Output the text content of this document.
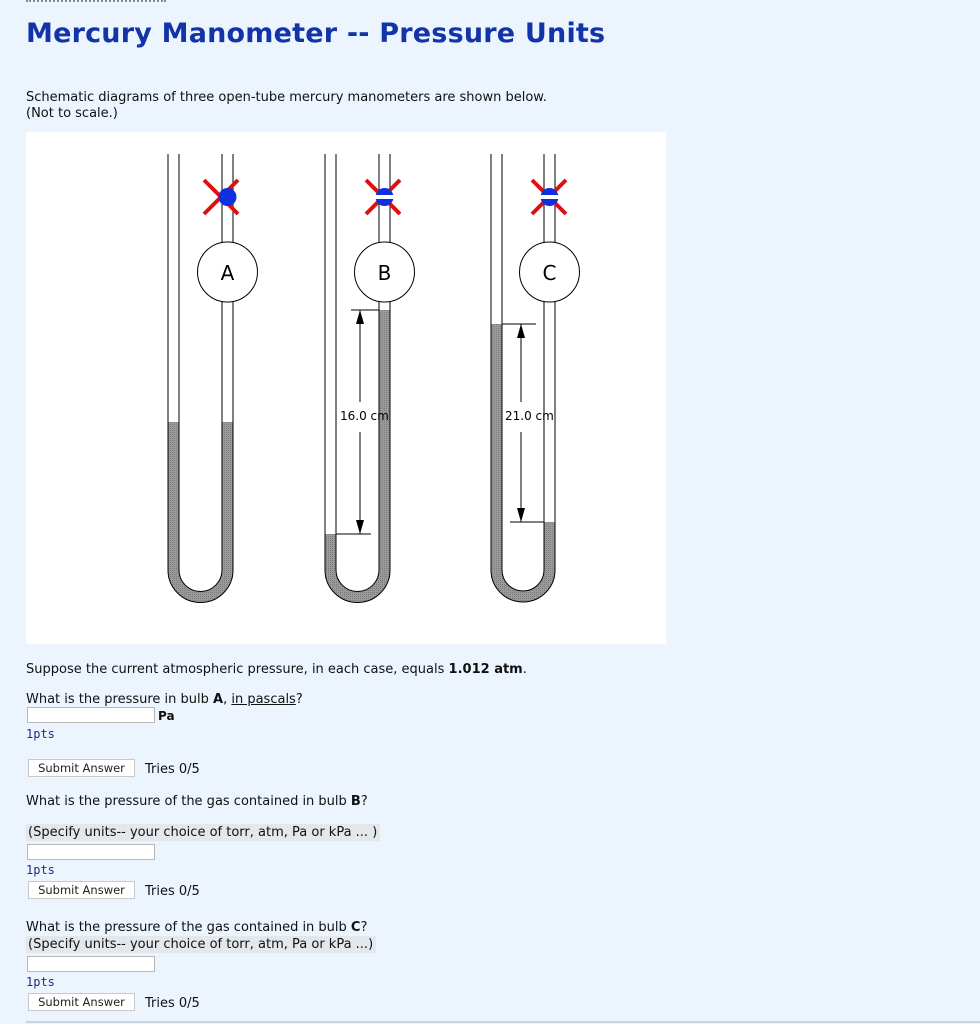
Mercury Manometer -- Pressure Units
Schematic diagrams of three open-tube mercury manometers are shown below.
(Not to scale.)
A	B
16.0 cm
C
21.0 cm
Suppose the current atmospheric pressure, in each case, equals 1.012 atm.
What is the pressure in bulb A, in pascals?
Pa
1pts
Submit Answer	Tries 0/5
What is the pressure of the gas contained in bulb B?
(Specify units-- your choice of torr, atm, Pa or kPa ... )
1pts
Submit Answer	Tries 0/5
What is the pressure of the gas contained in bulb C?
(Specify units-- your choice of torr, atm, Pa or kPa ...)
1pts
Submit Answer	Tries 0/5
